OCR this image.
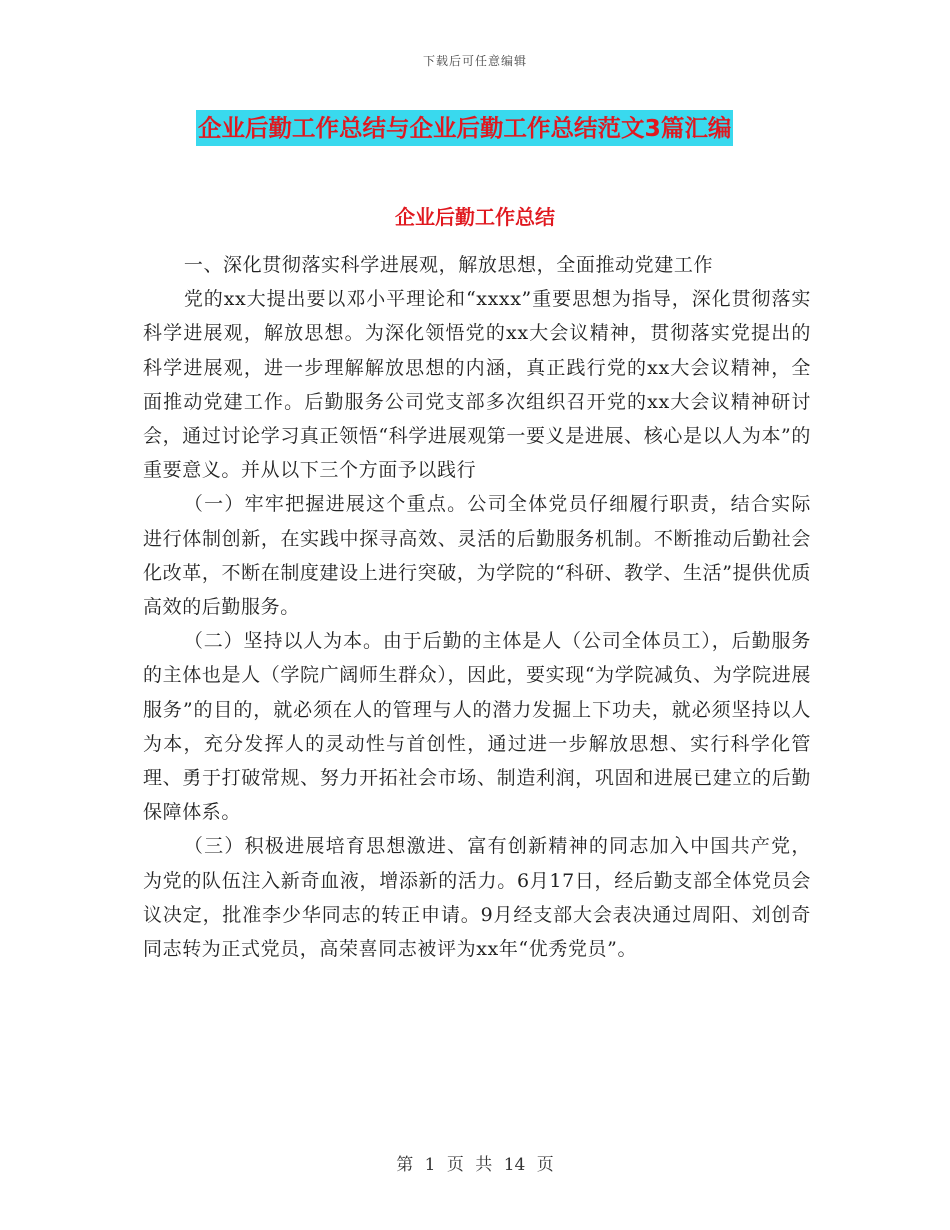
下载后可任意编辑
企业后勤工作总结与企业后勤工作总结范文3篇汇编
企业后勤工作总结

一、深化贯彻落实科学进展观，解放思想，全面推动党建工作

党的xx大提出要以邓小平理论和“xxxx”重要思想为指导，深化贯彻落实科学进展观，解放思想。为深化领悟党的xx大会议精神，贯彻落实党提出的科学进展观，进一步理解解放思想的内涵，真正践行党的xx大会议精神，全面推动党建工作。后勤服务公司党支部多次组织召开党的xx大会议精神研讨会，通过讨论学习真正领悟“科学进展观第一要义是进展、核心是以人为本”的重要意义。并从以下三个方面予以践行

（一）牢牢把握进展这个重点。公司全体党员仔细履行职责，结合实际进行体制创新，在实践中探寻高效、灵活的后勤服务机制。不断推动后勤社会化改革，不断在制度建设上进行突破，为学院的“科研、教学、生活”提供优质高效的后勤服务。

（二）坚持以人为本。由于后勤的主体是人（公司全体员工），后勤服务的主体也是人（学院广阔师生群众），因此，要实现“为学院减负、为学院进展服务”的目的，就必须在人的管理与人的潜力发掘上下功夫，就必须坚持以人为本，充分发挥人的灵动性与首创性，通过进一步解放思想、实行科学化管理、勇于打破常规、努力开拓社会市场、制造利润，巩固和进展已建立的后勤保障体系。

（三）积极进展培育思想激进、富有创新精神的同志加入中国共产党，为党的队伍注入新奇血液，增添新的活力。6月17日，经后勤支部全体党员会议决定，批准李少华同志的转正申请。9月经支部大会表决通过周阳、刘创奇同志转为正式党员，高荣喜同志被评为xx年“优秀党员”。

第 1 页 共 14 页
